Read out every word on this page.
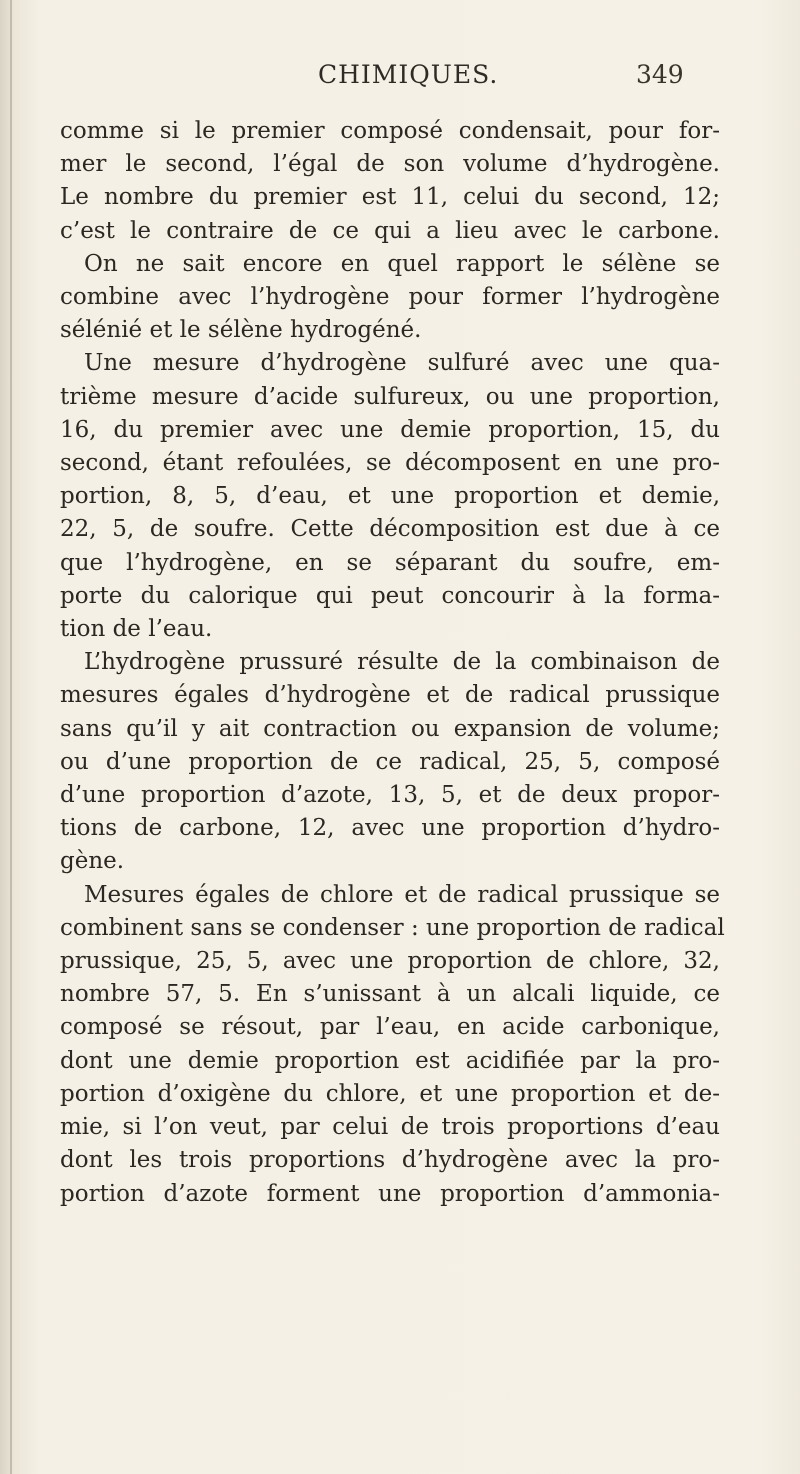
CHIMIQUES.	349
comme si le premier composé condensait, pour for-
mer le second, l’égal de son volume d’hydrogène.
Le nombre du premier est 11, celui du second, 12;
c’est le contraire de ce qui a lieu avec le carbone.
On ne sait encore en quel rapport le sélène se
combine avec l’hydrogène pour former l’hydrogène
sélénié et le sélène hydrogéné.
Une mesure d’hydrogène sulfuré avec une qua-
trième mesure d’acide sulfureux, ou une proportion,
16, du premier avec une demie proportion, 15, du
second, étant refoulées, se décomposent en une pro-
portion, 8, 5, d’eau, et une proportion et demie,
22, 5, de soufre. Cette décomposition est due à ce
que l’hydrogène, en se séparant du soufre, em-
porte du calorique qui peut concourir à la forma-
tion de l’eau.
L’hydrogène prussuré résulte de la combinaison de
mesures égales d’hydrogène et de radical prussique
sans qu’il y ait contraction ou expansion de volume;
ou d’une proportion de ce radical, 25, 5, composé
d’une proportion d’azote, 13, 5, et de deux propor-
tions de carbone, 12, avec une proportion d’hydro-
gène.
Mesures égales de chlore et de radical prussique se
combinent sans se condenser : une proportion de radical
prussique, 25, 5, avec une proportion de chlore, 32,
nombre 57, 5. En s’unissant à un alcali liquide, ce
composé se résout, par l’eau, en acide carbonique,
dont une demie proportion est acidifiée par la pro-
portion d’oxigène du chlore, et une proportion et de-
mie, si l’on veut, par celui de trois proportions d’eau
dont les trois proportions d’hydrogène avec la pro-
portion d’azote forment une proportion d’ammonia-
